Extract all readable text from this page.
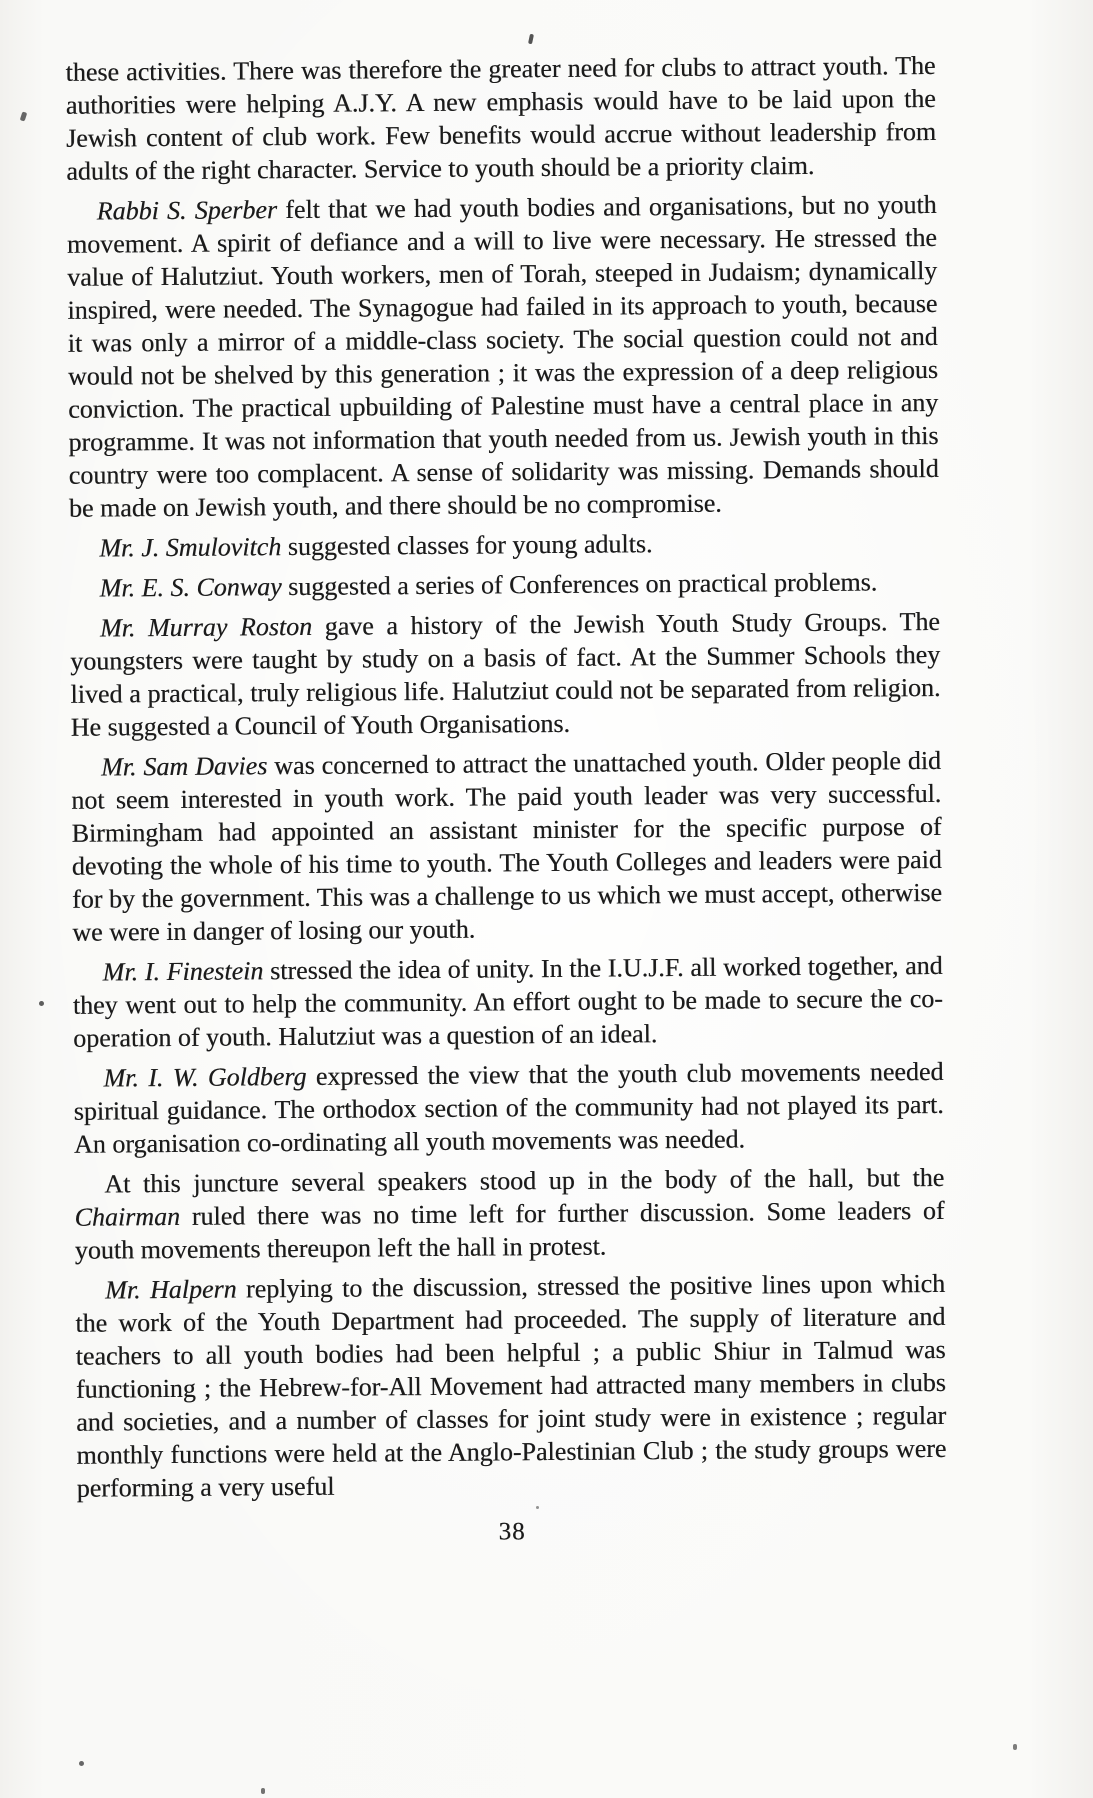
these activities. There was therefore the greater need for clubs to attract youth. The authorities were helping A.J.Y. A new emphasis would have to be laid upon the Jewish content of club work. Few benefits would accrue without leadership from adults of the right character. Service to youth should be a priority claim.

Rabbi S. Sperber felt that we had youth bodies and organisations, but no youth movement. A spirit of defiance and a will to live were necessary. He stressed the value of Halutziut. Youth workers, men of Torah, steeped in Judaism; dynamically inspired, were needed. The Synagogue had failed in its approach to youth, because it was only a mirror of a middle-class society. The social question could not and would not be shelved by this generation ; it was the expression of a deep religious conviction. The practical upbuilding of Palestine must have a central place in any programme. It was not information that youth needed from us. Jewish youth in this country were too complacent. A sense of solidarity was missing. Demands should be made on Jewish youth, and there should be no compromise.

Mr. J. Smulovitch suggested classes for young adults.

Mr. E. S. Conway suggested a series of Conferences on practical problems.

Mr. Murray Roston gave a history of the Jewish Youth Study Groups. The youngsters were taught by study on a basis of fact. At the Summer Schools they lived a practical, truly religious life. Halutziut could not be separated from religion. He suggested a Council of Youth Organisations.

Mr. Sam Davies was concerned to attract the unattached youth. Older people did not seem interested in youth work. The paid youth leader was very successful. Birmingham had appointed an assistant minister for the specific purpose of devoting the whole of his time to youth. The Youth Colleges and leaders were paid for by the government. This was a challenge to us which we must accept, otherwise we were in danger of losing our youth.

Mr. I. Finestein stressed the idea of unity. In the I.U.J.F. all worked together, and they went out to help the community. An effort ought to be made to secure the co-operation of youth. Halutziut was a question of an ideal.

Mr. I. W. Goldberg expressed the view that the youth club movements needed spiritual guidance. The orthodox section of the community had not played its part. An organisation co-ordinating all youth movements was needed.

At this juncture several speakers stood up in the body of the hall, but the Chairman ruled there was no time left for further discussion. Some leaders of youth movements thereupon left the hall in protest.

Mr. Halpern replying to the discussion, stressed the positive lines upon which the work of the Youth Department had proceeded. The supply of literature and teachers to all youth bodies had been helpful ; a public Shiur in Talmud was functioning ; the Hebrew-for-All Movement had attracted many members in clubs and societies, and a number of classes for joint study were in existence ; regular monthly functions were held at the Anglo-Palestinian Club ; the study groups were performing a very useful

38
